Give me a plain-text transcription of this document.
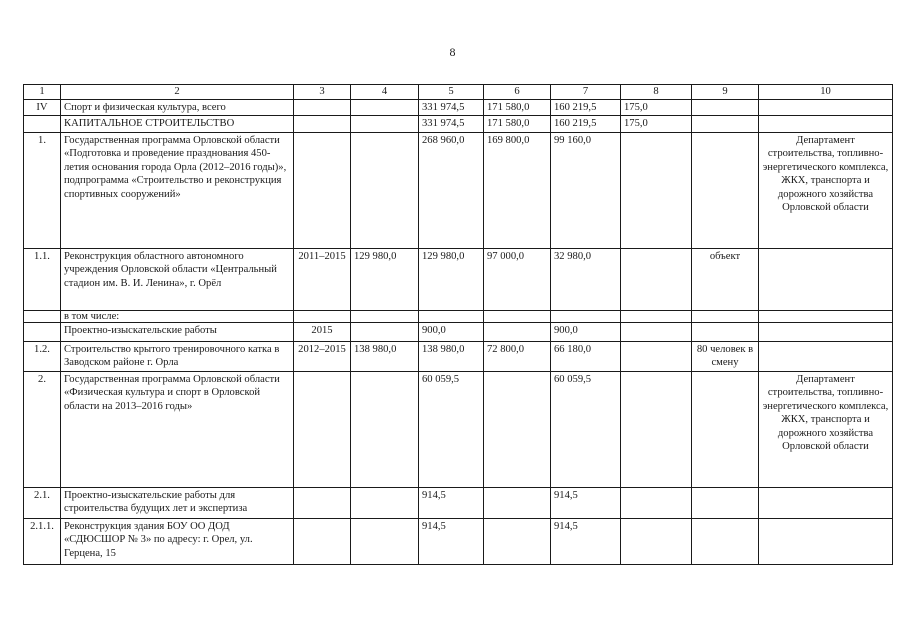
8
1	2	3	4	5	6	7	8	9	10
IV	Спорт и физическая культура, всего			331 974,5	171 580,0	160 219,5	175,0		
	КАПИТАЛЬНОЕ СТРОИТЕЛЬСТВО			331 974,5	171 580,0	160 219,5	175,0		
1.	Государственная программа Орловской области «Подготовка и проведение празднования 450-летия основания города Орла (2012–2016 годы)», подпрограмма «Строительство и реконструкция спортивных сооружений»			268 960,0	169 800,0	99 160,0			Департамент строительства, топливно-энергетического комплекса, ЖКХ, транспорта и дорожного хозяйства Орловской области
1.1.	Реконструкция областного автономного учреждения Орловской области «Центральный стадион им. В. И. Ленина», г. Орёл	2011–2015	129 980,0	129 980,0	97 000,0	32 980,0		объект	
	в том числе:								
	Проектно-изыскательские работы	2015		900,0		900,0			
1.2.	Строительство крытого тренировочного катка в Заводском районе г. Орла	2012–2015	138 980,0	138 980,0	72 800,0	66 180,0		80 человек в смену	
2.	Государственная программа Орловской области «Физическая культура и спорт в Орловской области на 2013–2016 годы»			60 059,5		60 059,5			Департамент строительства, топливно-энергетического комплекса, ЖКХ, транспорта и дорожного хозяйства Орловской области
2.1.	Проектно-изыскательские работы для строительства будущих лет и экспертиза			914,5		914,5			
2.1.1.	Реконструкция здания БОУ ОО ДОД «СДЮСШОР № 3» по адресу: г. Орел, ул. Герцена, 15			914,5		914,5			
